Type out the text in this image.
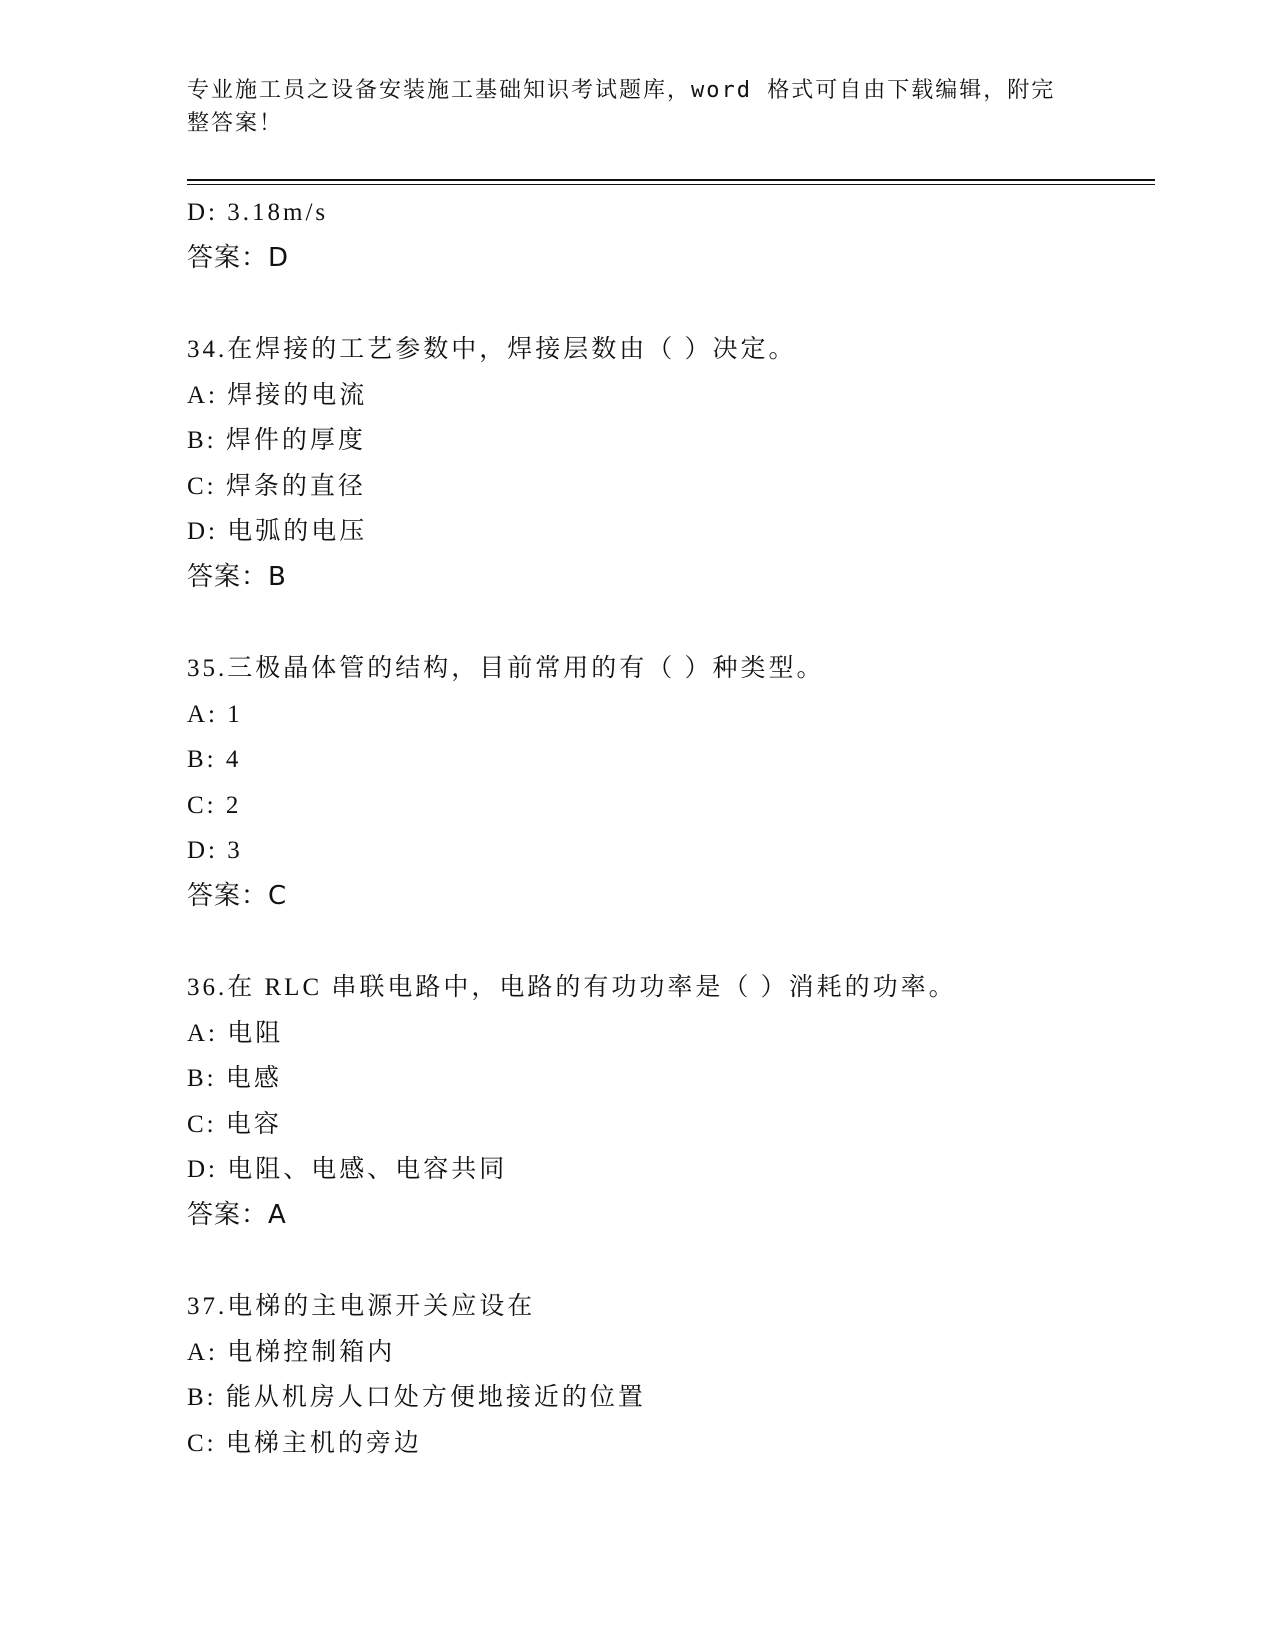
专业施工员之设备安装施工基础知识考试题库，word 格式可自由下载编辑，附完
整答案！
D: 3.18m/s
答案：D
34.在焊接的工艺参数中，焊接层数由（ ）决定。
A: 焊接的电流
B: 焊件的厚度
C: 焊条的直径
D: 电弧的电压
答案：B
35.三极晶体管的结构，目前常用的有（ ）种类型。
A: 1
B: 4
C: 2
D: 3
答案：C
36.在 RLC 串联电路中，电路的有功功率是（ ）消耗的功率。
A: 电阻
B: 电感
C: 电容
D: 电阻、电感、电容共同
答案：A
37.电梯的主电源开关应设在
A: 电梯控制箱内
B: 能从机房人口处方便地接近的位置
C: 电梯主机的旁边
